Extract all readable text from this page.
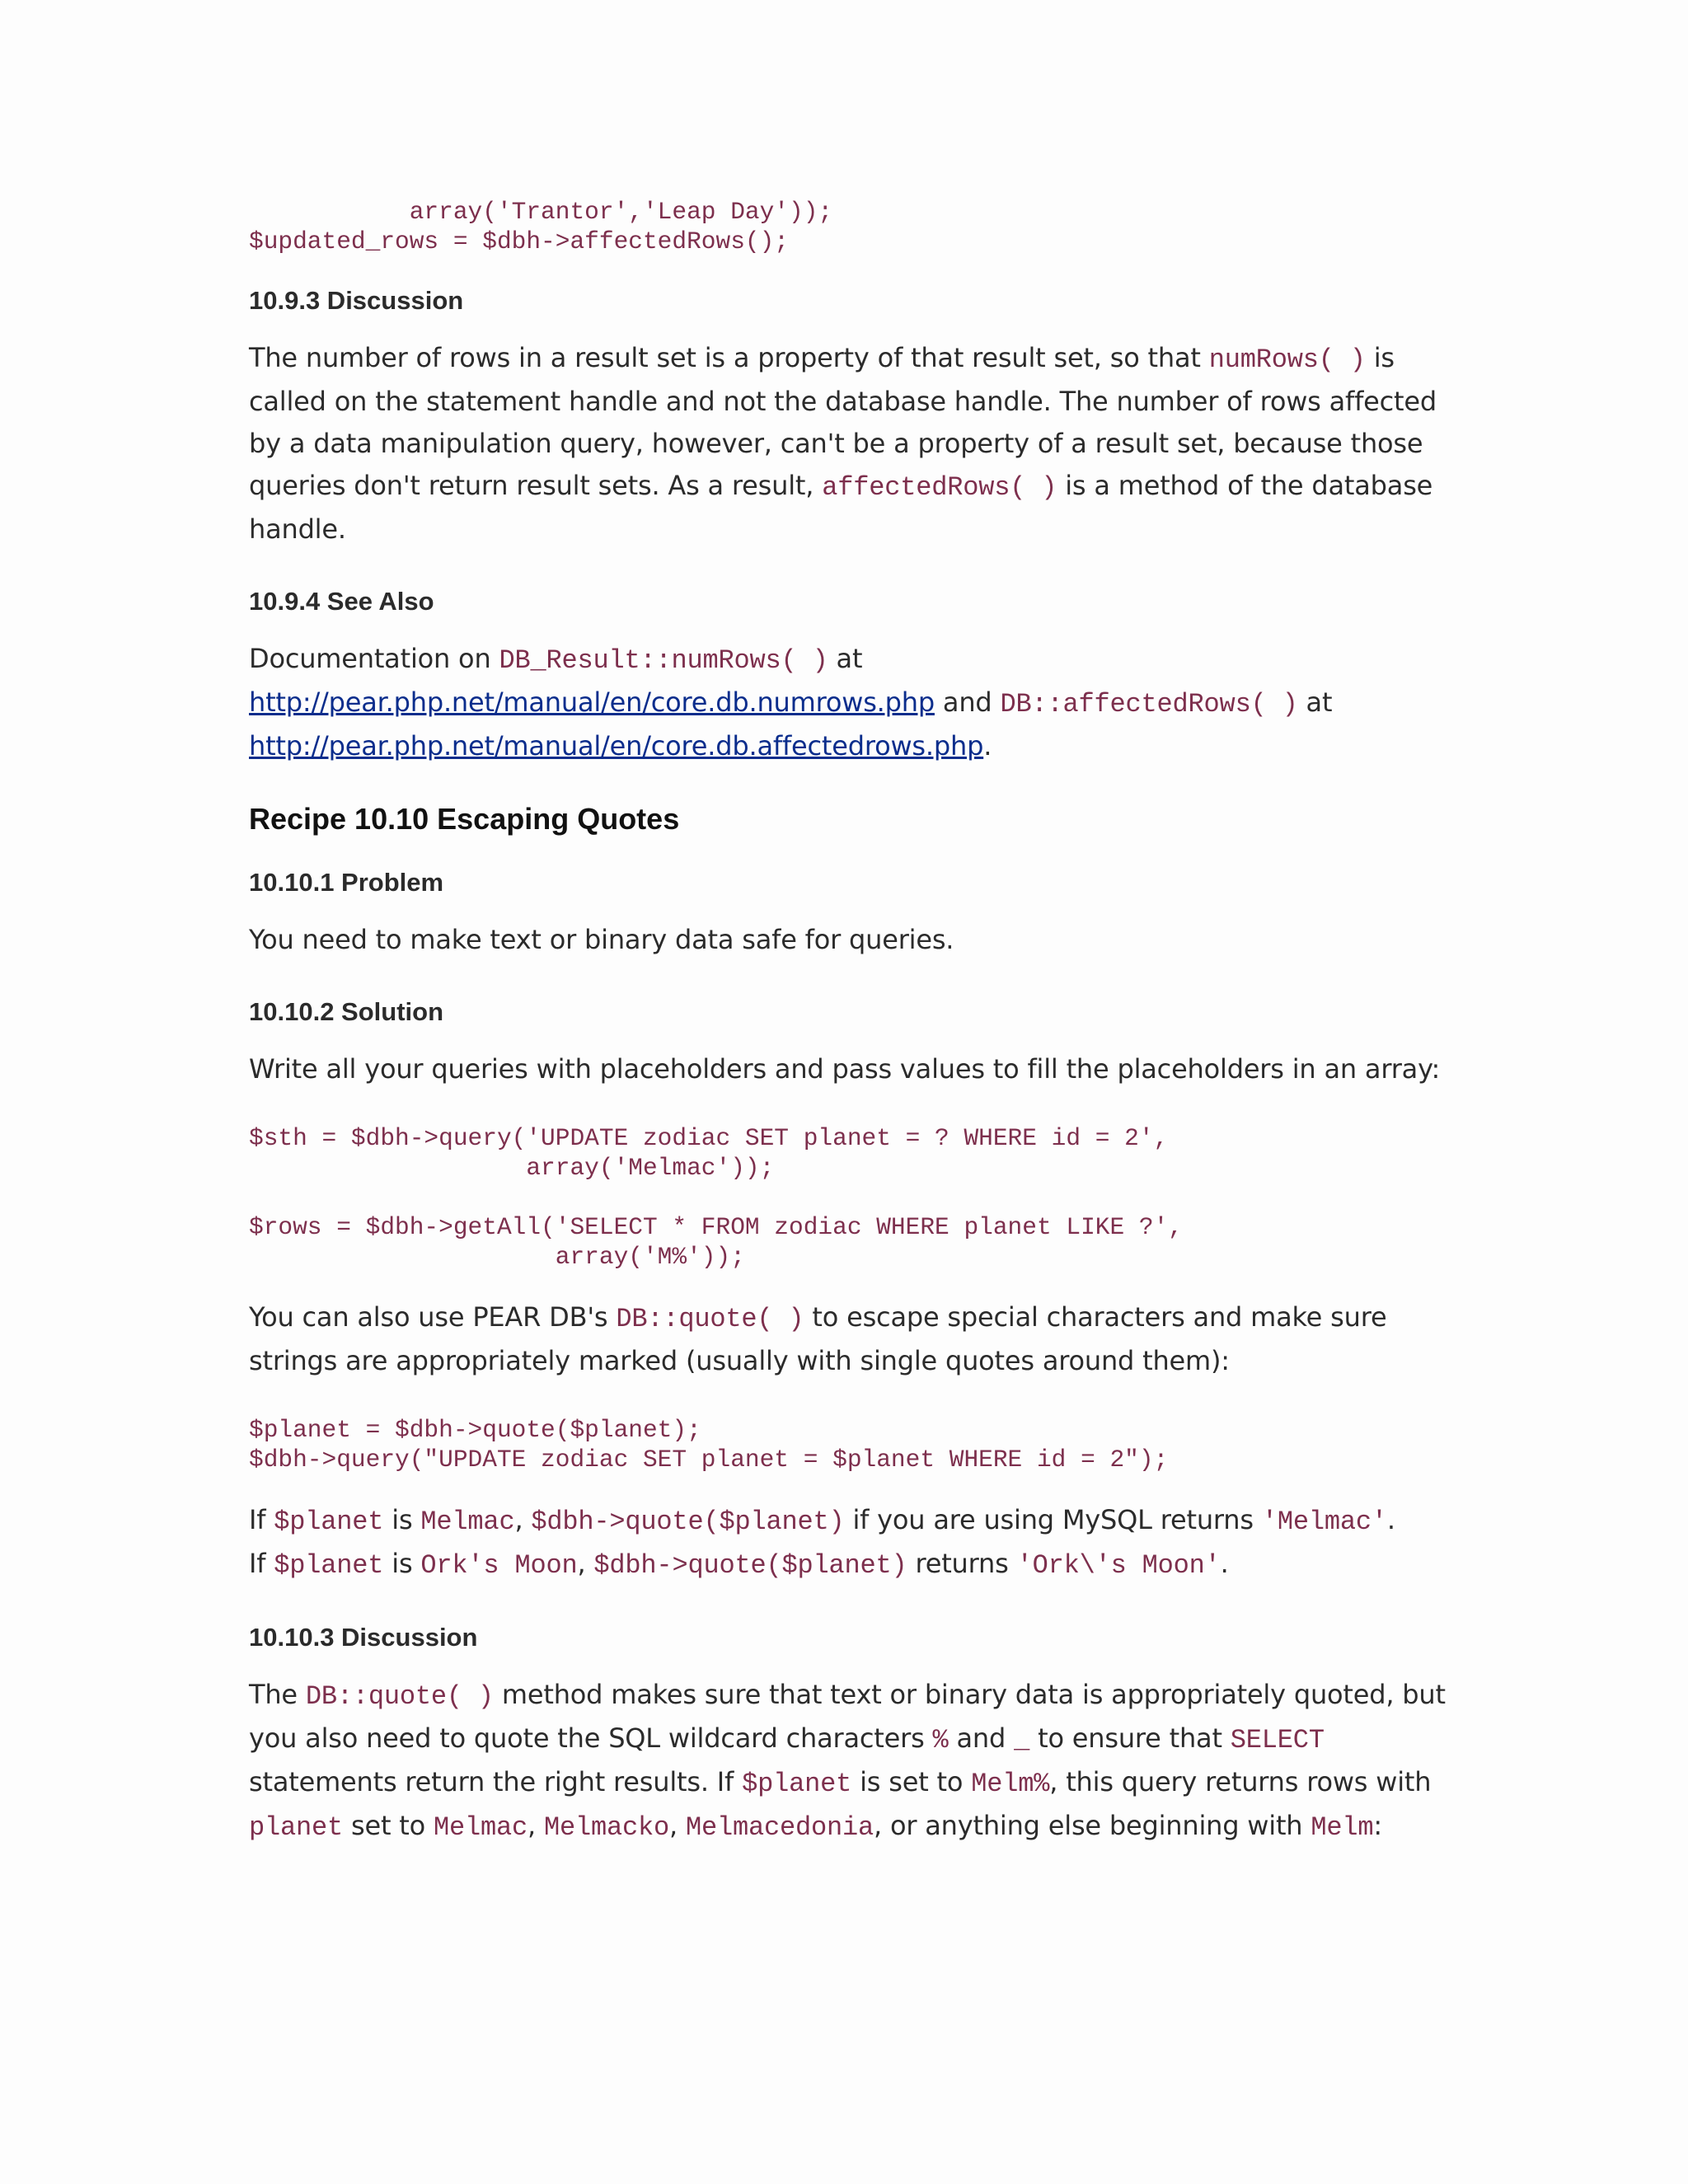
array('Trantor','Leap Day'));
$updated_rows = $dbh->affectedRows();
10.9.3 Discussion

The number of rows in a result set is a property of that result set, so that numRows( ) is called on the statement handle and not the database handle. The number of rows affected by a data manipulation query, however, can't be a property of a result set, because those queries don't return result sets. As a result, affectedRows( ) is a method of the database handle.

10.9.4 See Also

Documentation on DB_Result::numRows( ) at
http://pear.php.net/manual/en/core.db.numrows.php and DB::affectedRows( ) at
http://pear.php.net/manual/en/core.db.affectedrows.php.

Recipe 10.10 Escaping Quotes
10.10.1 Problem

You need to make text or binary data safe for queries.

10.10.2 Solution

Write all your queries with placeholders and pass values to fill the placeholders in an array:

$sth = $dbh->query('UPDATE zodiac SET planet = ? WHERE id = 2',
array('Melmac'));
$rows = $dbh->getAll('SELECT * FROM zodiac WHERE planet LIKE ?',
array('M%'));

You can also use PEAR DB's DB::quote( ) to escape special characters and make sure strings are appropriately marked (usually with single quotes around them):

$planet = $dbh->quote($planet);
$dbh->query("UPDATE zodiac SET planet = $planet WHERE id = 2");

If $planet is Melmac, $dbh->quote($planet) if you are using MySQL returns 'Melmac'.
If $planet is Ork's Moon, $dbh->quote($planet) returns 'Ork\'s Moon'.

10.10.3 Discussion

The DB::quote( ) method makes sure that text or binary data is appropriately quoted, but you also need to quote the SQL wildcard characters % and _ to ensure that SELECT statements return the right results. If $planet is set to Melm%, this query returns rows with planet set to Melmac, Melmacko, Melmacedonia, or anything else beginning with Melm:
